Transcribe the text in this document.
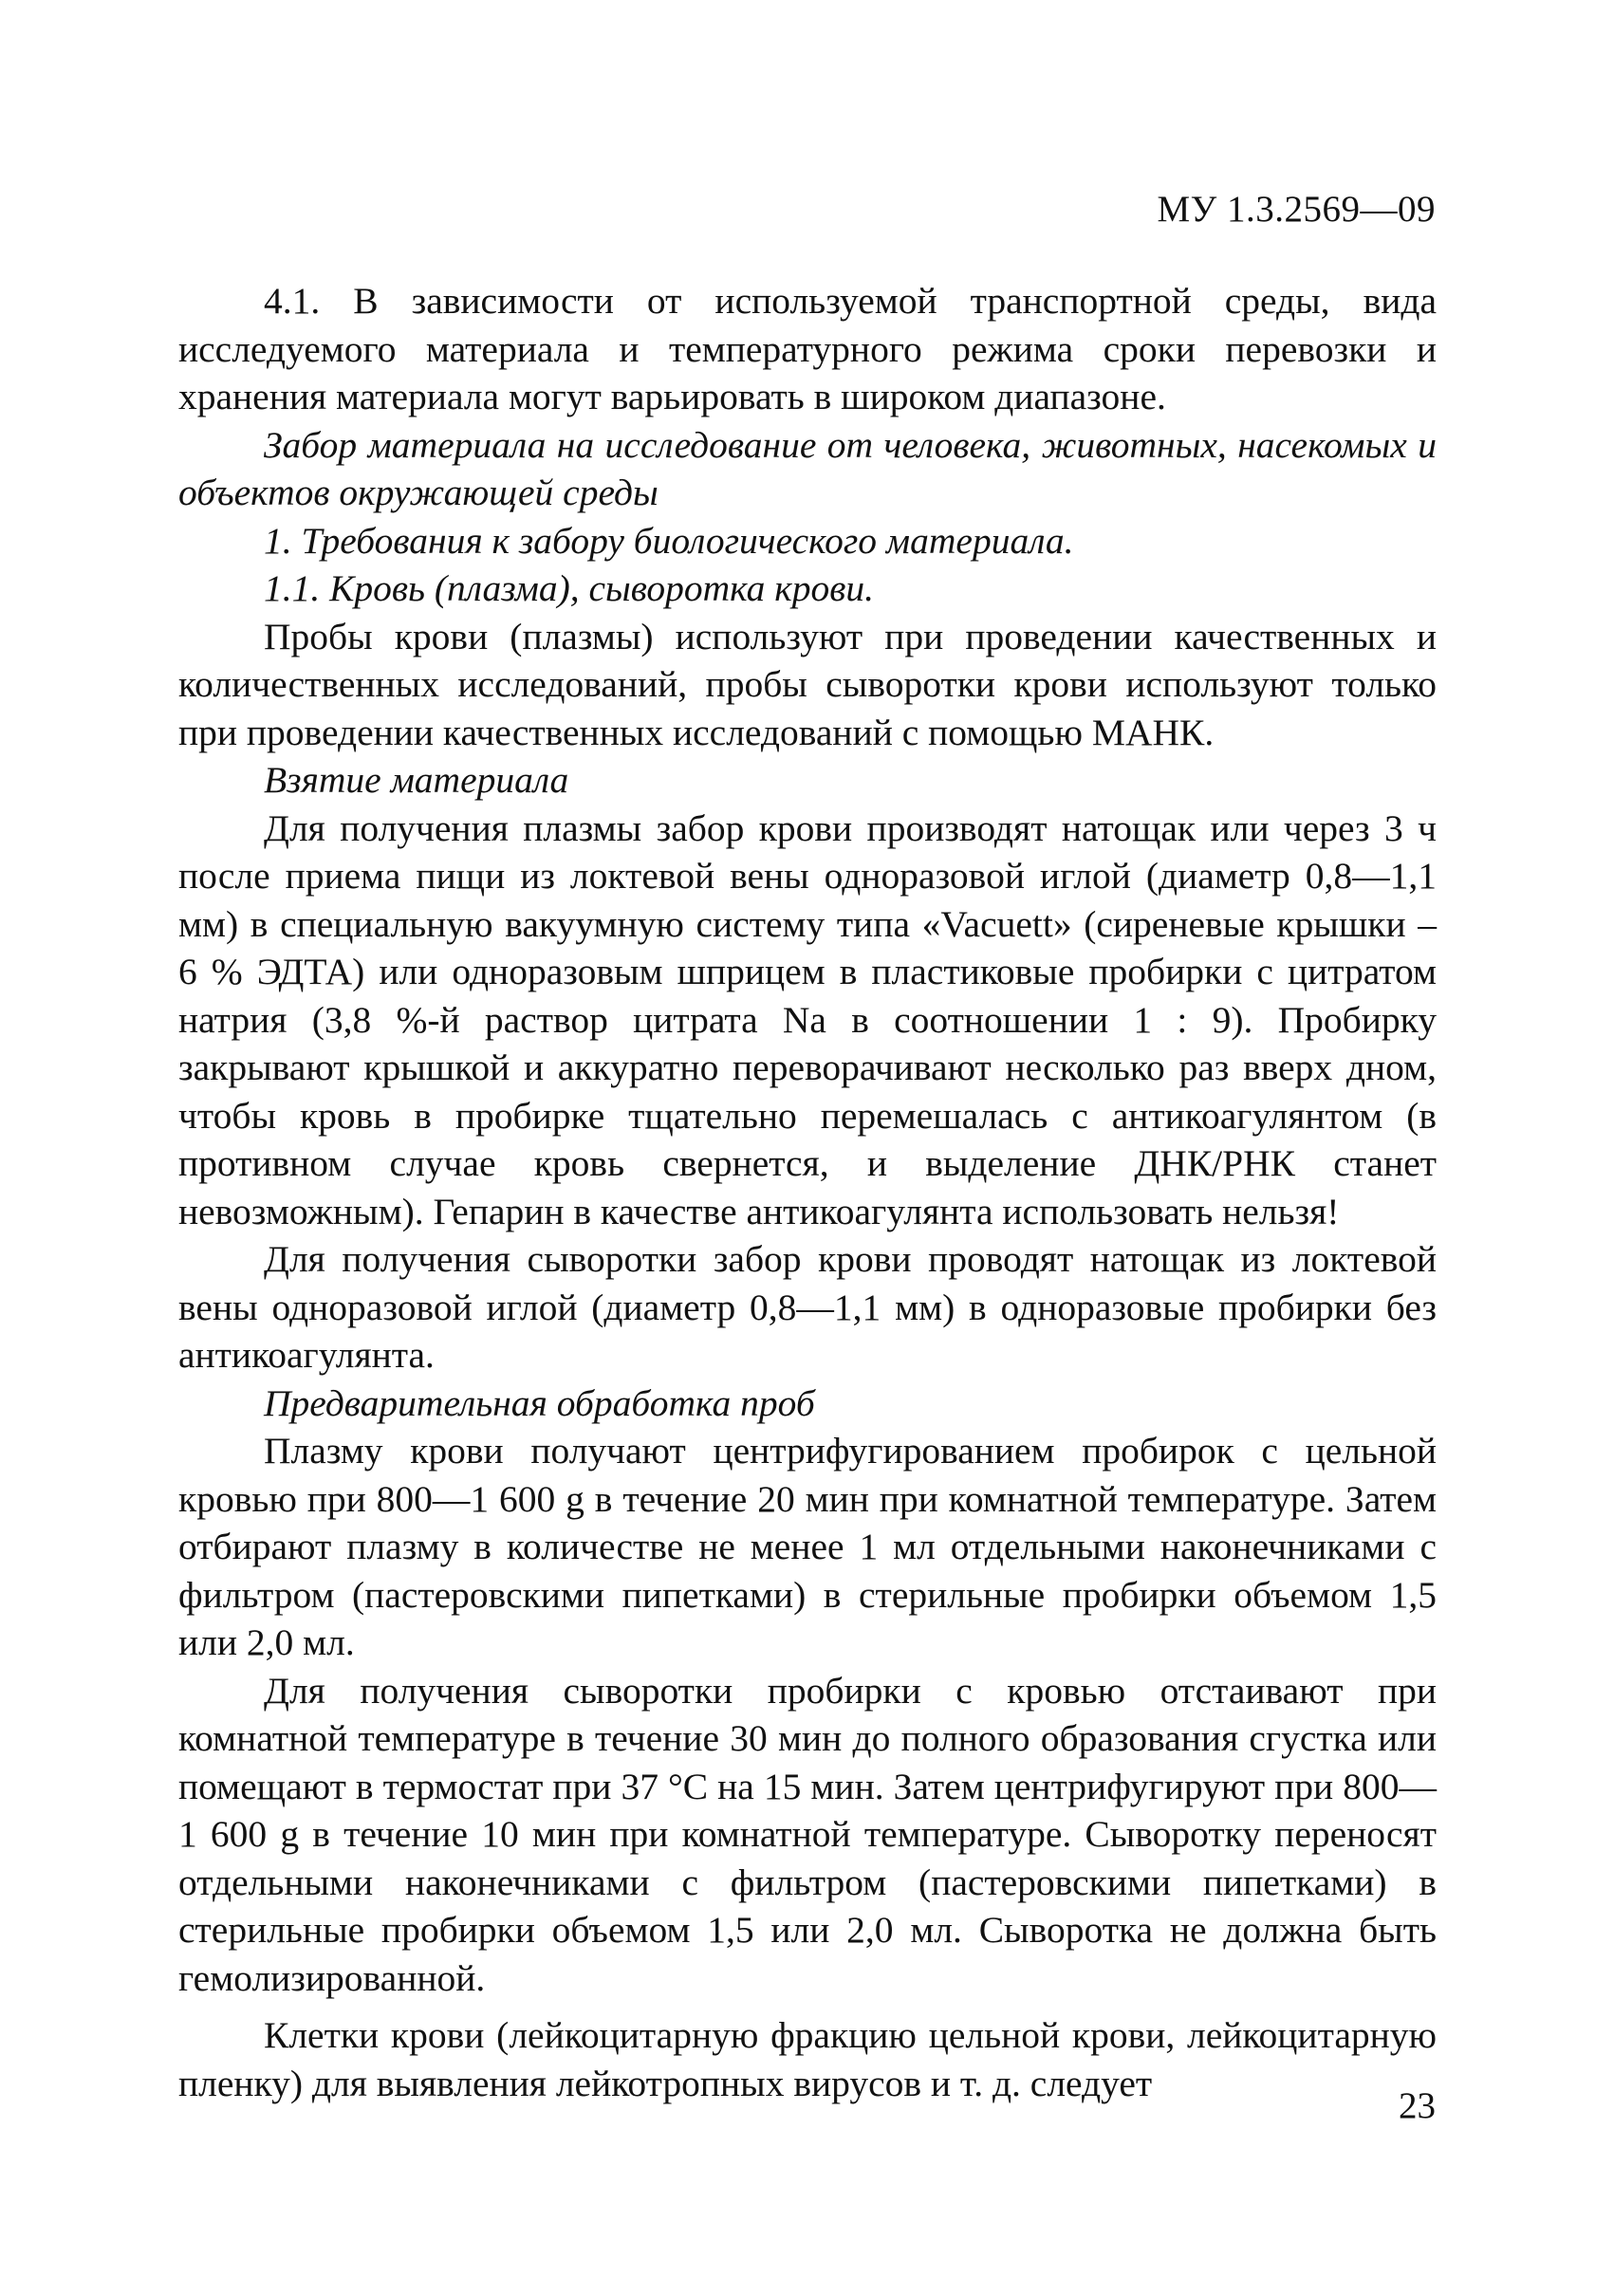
МУ 1.3.2569—09

4.1. В зависимости от используемой транспортной среды, вида исследуемого материала и температурного режима сроки перевозки и хранения материала могут варьировать в широком диапазоне.

Забор материала на исследование от человека, животных, насекомых и объектов окружающей среды

1. Требования к забору биологического материала.

1.1. Кровь (плазма), сыворотка крови.

Пробы крови (плазмы) используют при проведении качественных и количественных исследований, пробы сыворотки крови используют только при проведении качественных исследований с помощью МАНК.

Взятие материала

Для получения плазмы забор крови производят натощак или через 3 ч после приема пищи из локтевой вены одноразовой иглой (диаметр 0,8—1,1 мм) в специальную вакуумную систему типа «Vacuett» (сиреневые крышки – 6 % ЭДТА) или одноразовым шприцем в пластиковые пробирки с цитратом натрия (3,8 %-й раствор цитрата Na в соотношении 1 : 9). Пробирку закрывают крышкой и аккуратно переворачивают несколько раз вверх дном, чтобы кровь в пробирке тщательно перемешалась с антикоагулянтом (в противном случае кровь свернется, и выделение ДНК/РНК станет невозможным). Гепарин в качестве антикоагулянта использовать нельзя!

Для получения сыворотки забор крови проводят натощак из локтевой вены одноразовой иглой (диаметр 0,8—1,1 мм) в одноразовые пробирки без антикоагулянта.

Предварительная обработка проб

Плазму крови получают центрифугированием пробирок с цельной кровью при 800—1 600 g в течение 20 мин при комнатной температуре. Затем отбирают плазму в количестве не менее 1 мл отдельными наконечниками с фильтром (пастеровскими пипетками) в стерильные пробирки объемом 1,5 или 2,0 мл.

Для получения сыворотки пробирки с кровью отстаивают при комнатной температуре в течение 30 мин до полного образования сгустка или помещают в термостат при 37 °С на 15 мин. Затем центрифугируют при 800—1 600 g в течение 10 мин при комнатной температуре. Сыворотку переносят отдельными наконечниками с фильтром (пастеровскими пипетками) в стерильные пробирки объемом 1,5 или 2,0 мл. Сыворотка не должна быть гемолизированной.

Клетки крови (лейкоцитарную фракцию цельной крови, лейкоцитарную пленку) для выявления лейкотропных вирусов и т. д. следует

23
